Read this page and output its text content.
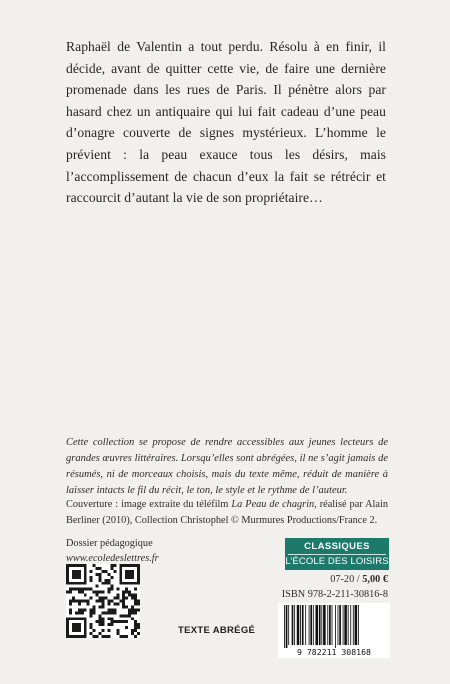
Raphaël de Valentin a tout perdu. Résolu à en finir, il décide, avant de quitter cette vie, de faire une dernière promenade dans les rues de Paris. Il pénètre alors par hasard chez un antiquaire qui lui fait cadeau d’une peau d’onagre couverte de signes mystérieux. L’homme le prévient : la peau exauce tous les désirs, mais l’accomplissement de chacun d’eux la fait se rétrécir et raccourcit d’autant la vie de son propriétaire…
Cette collection se propose de rendre accessibles aux jeunes lecteurs de grandes œuvres littéraires. Lorsqu’elles sont abrégées, il ne s’agit jamais de résumés, ni de morceaux choisis, mais du texte même, réduit de manière à laisser intacts le fil du récit, le ton, le style et le rythme de l’auteur.
Couverture : image extraite du téléfilm La Peau de chagrin, réalisé par Alain Berliner (2010), Collection Christophel © Murmures Productions/France 2.
Dossier pédagogique
www.ecoledeslettres.fr
TEXTE ABRÉGÉ
CLASSIQUES
L’ÉCOLE DES LOISIRS
07-20 / 5,00 €
ISBN 978-2-211-30816-8
9 782211 308168
